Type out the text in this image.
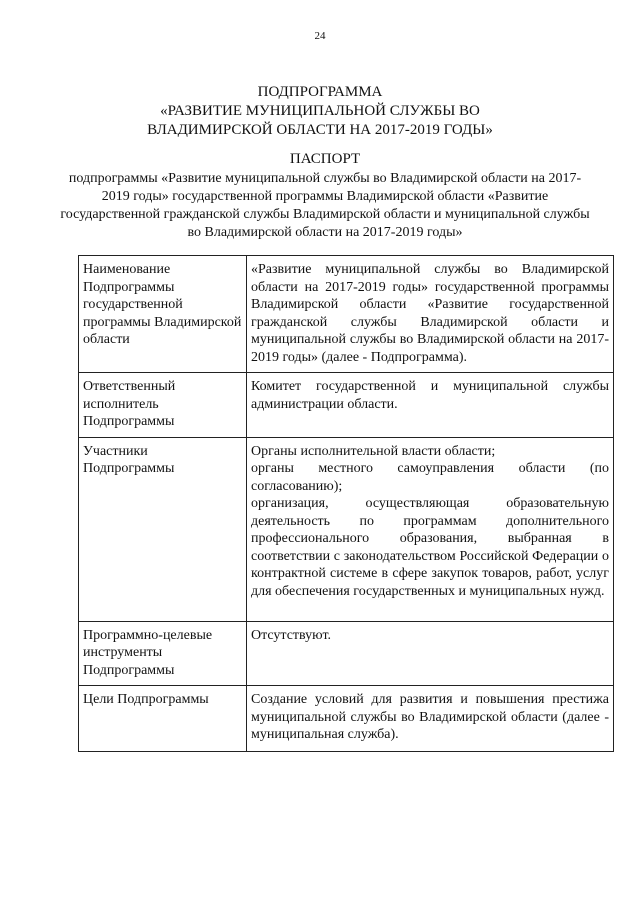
24
ПОДПРОГРАММА
«РАЗВИТИЕ МУНИЦИПАЛЬНОЙ СЛУЖБЫ ВО
ВЛАДИМИРСКОЙ ОБЛАСТИ НА 2017-2019 ГОДЫ»
ПАСПОРТ
подпрограммы «Развитие муниципальной службы во Владимирской области на 2017-2019 годы» государственной программы Владимирской области «Развитие государственной гражданской службы Владимирской области и муниципальной службы во Владимирской области на 2017-2019 годы»
Наименование Подпрограммы государственной программы Владимирской области	«Развитие муниципальной службы во Владимирской области на 2017-2019 годы» государственной программы Владимирской области «Развитие государственной гражданской службы Владимирской области и муниципальной службы во Владимирской области на 2017-2019 годы» (далее - Подпрограмма).
Ответственный исполнитель Подпрограммы	Комитет государственной и муниципальной службы администрации области.
Участники Подпрограммы	Органы исполнительной власти области;
органы местного самоуправления области (по согласованию);
организация, осуществляющая образовательную деятельность по программам дополнительного профессионального образования, выбранная в соответствии с законодательством Российской Федерации о контрактной системе в сфере закупок товаров, работ, услуг для обеспечения государственных и муниципальных нужд.

Программно-целевые инструменты Подпрограммы	Отсутствуют.
Цели Подпрограммы	Создание условий для развития и повышения престижа муниципальной службы во Владимирской области (далее - муниципальная служба).
